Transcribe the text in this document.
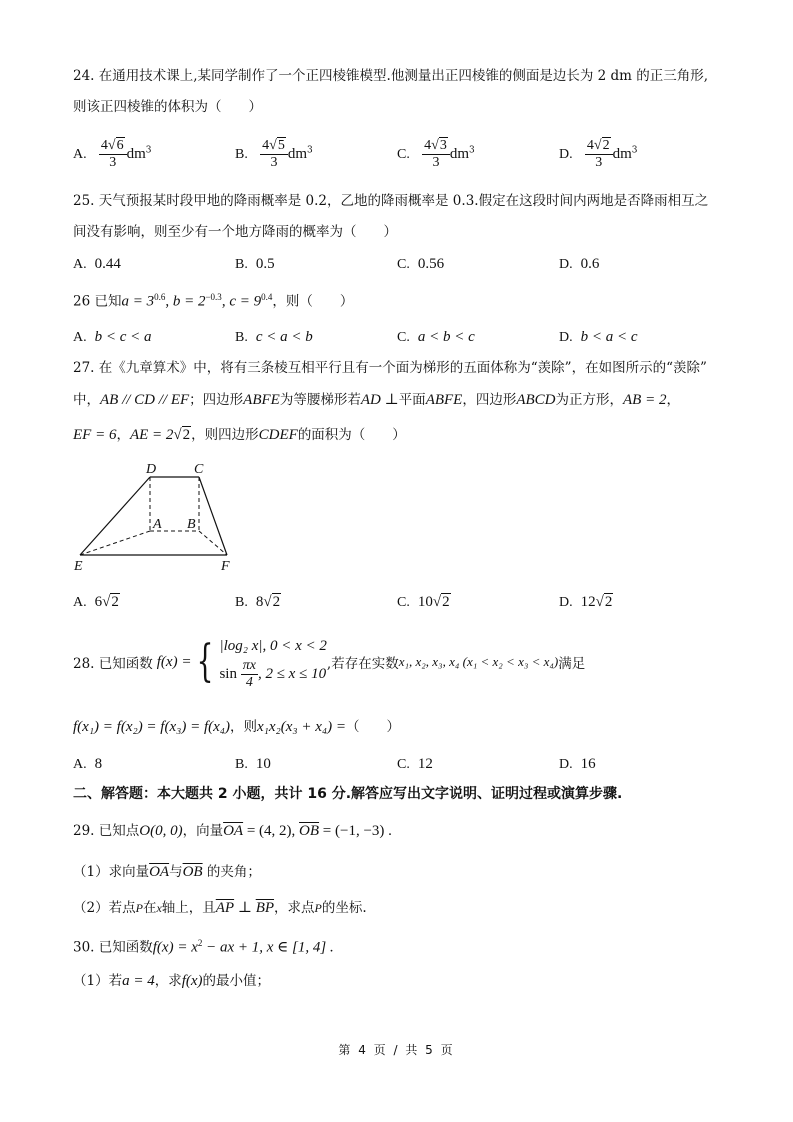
24. 在通用技术课上,某同学制作了一个正四棱锥模型.他测量出正四棱锥的侧面是边长为 2 dm 的正三角形,
则该正四棱锥的体积为（　　）
A. $\frac{4√6}{3} dm^3$	B. $\frac{4√5}{3} dm^3$	C. $\frac{4√3}{3} dm^3$	D. $\frac{4√2}{3} dm^3$
25. 天气预报某时段甲地的降雨概率是 0.2，乙地的降雨概率是 0.3.假定在这段时间内两地是否降雨相互之
间没有影响，则至少有一个地方降雨的概率为（　　）
A. 0.44	B. 0.5	C. 0.56	D. 0.6
26 已知$a = 3^{0.6}$, $b = 2^{-0.3}$, $c = 9^{0.4}$，则（　　）
A. b < c < a	B. c < a < b	C. a < b < c	D. b < a < c
27. 在《九章算术》中，将有三条棱互相平行且有一个面为梯形的五面体称为“羡除”，在如图所示的“羡除”
中，AB // CD // EF；四边形ABFE为等腰梯形若AD ⊥平面ABFE，四边形ABCD为正方形，AB = 2，
EF = 6，AE = 2√2，则四边形CDEF的面积为（　　）
D	C
A B
E	F
A. 6√2	B. 8√2	C. 10√2	D. 12√2
28. 已知函数 f(x) = { |log₂ x|, 0 < x < 2
$\sin \frac{\pi x}{4}$ , 2 ≤ x ≤ 10
,若存在实数 x₁, x₂, x₃, x₄ (x₁ < x₂ < x₃ < x₄) 满足
f(x₁) = f(x₂) = f(x₃) = f(x₄)，则x₁x₂(x₃ + x₄) =（　　）
A. 8	B. 10	C. 12	D. 16
二、解答题：本大题共 2 小题，共计 16 分.解答应写出文字说明、证明过程或演算步骤.
29. 已知点O(0, 0)，向量$\overline{OA} = (4$, 2), $\overline{OB} = (-1$, −3) .
（1）求向量$\overline{OA}$与$\overline{OB}$ 的夹角；
（2）若点P在x轴上，且$\overline{AP}$ ⊥ $\overline{BP}$，求点P的坐标.
30. 已知函数$f(x) = x^2$ − ax + 1, x ∈ [1, 4] .
（1）若a = 4，求f(x)的最小值；
第 4 页 / 共 5 页
